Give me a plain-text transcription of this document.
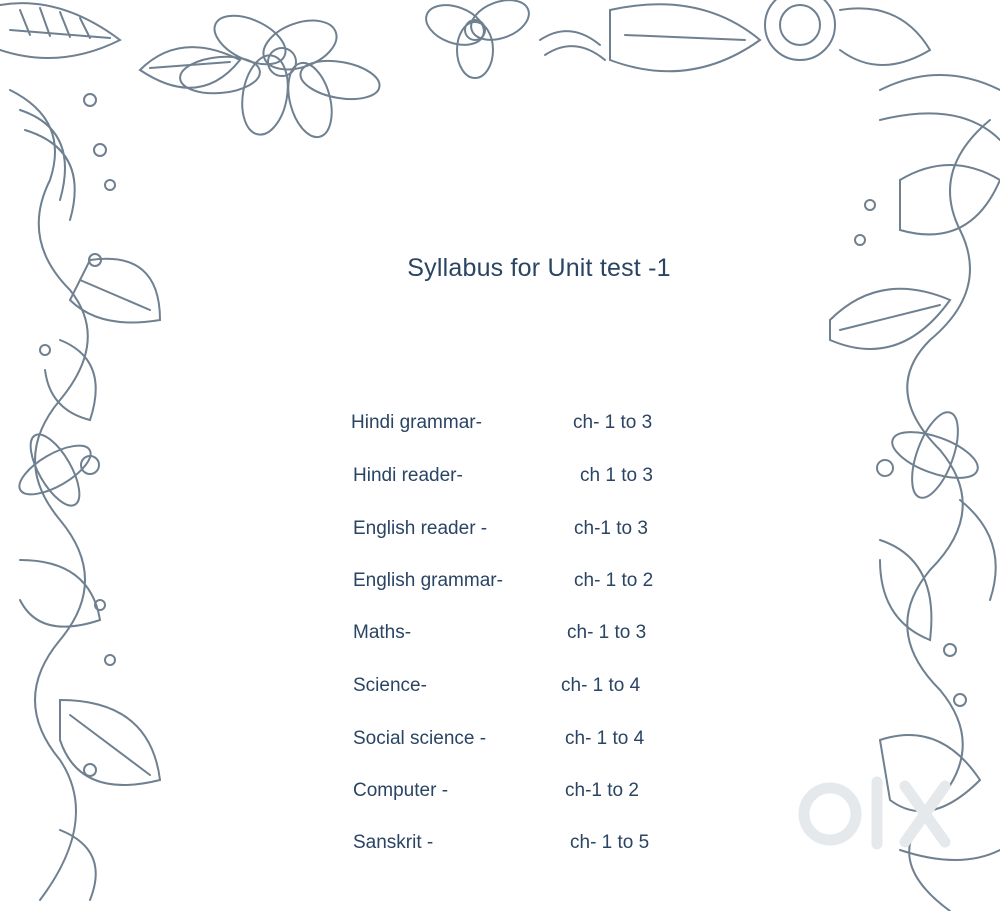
Syllabus for Unit test -1
Hindi grammar-	ch- 1 to 3
Hindi reader-	ch 1 to 3
English reader -	ch-1 to 3
English grammar-	ch- 1 to 2
Maths-	ch- 1 to 3
Science-	ch- 1 to 4
Social science -	ch- 1 to 4
Computer -	ch-1 to 2
Sanskrit -	ch- 1 to 5
